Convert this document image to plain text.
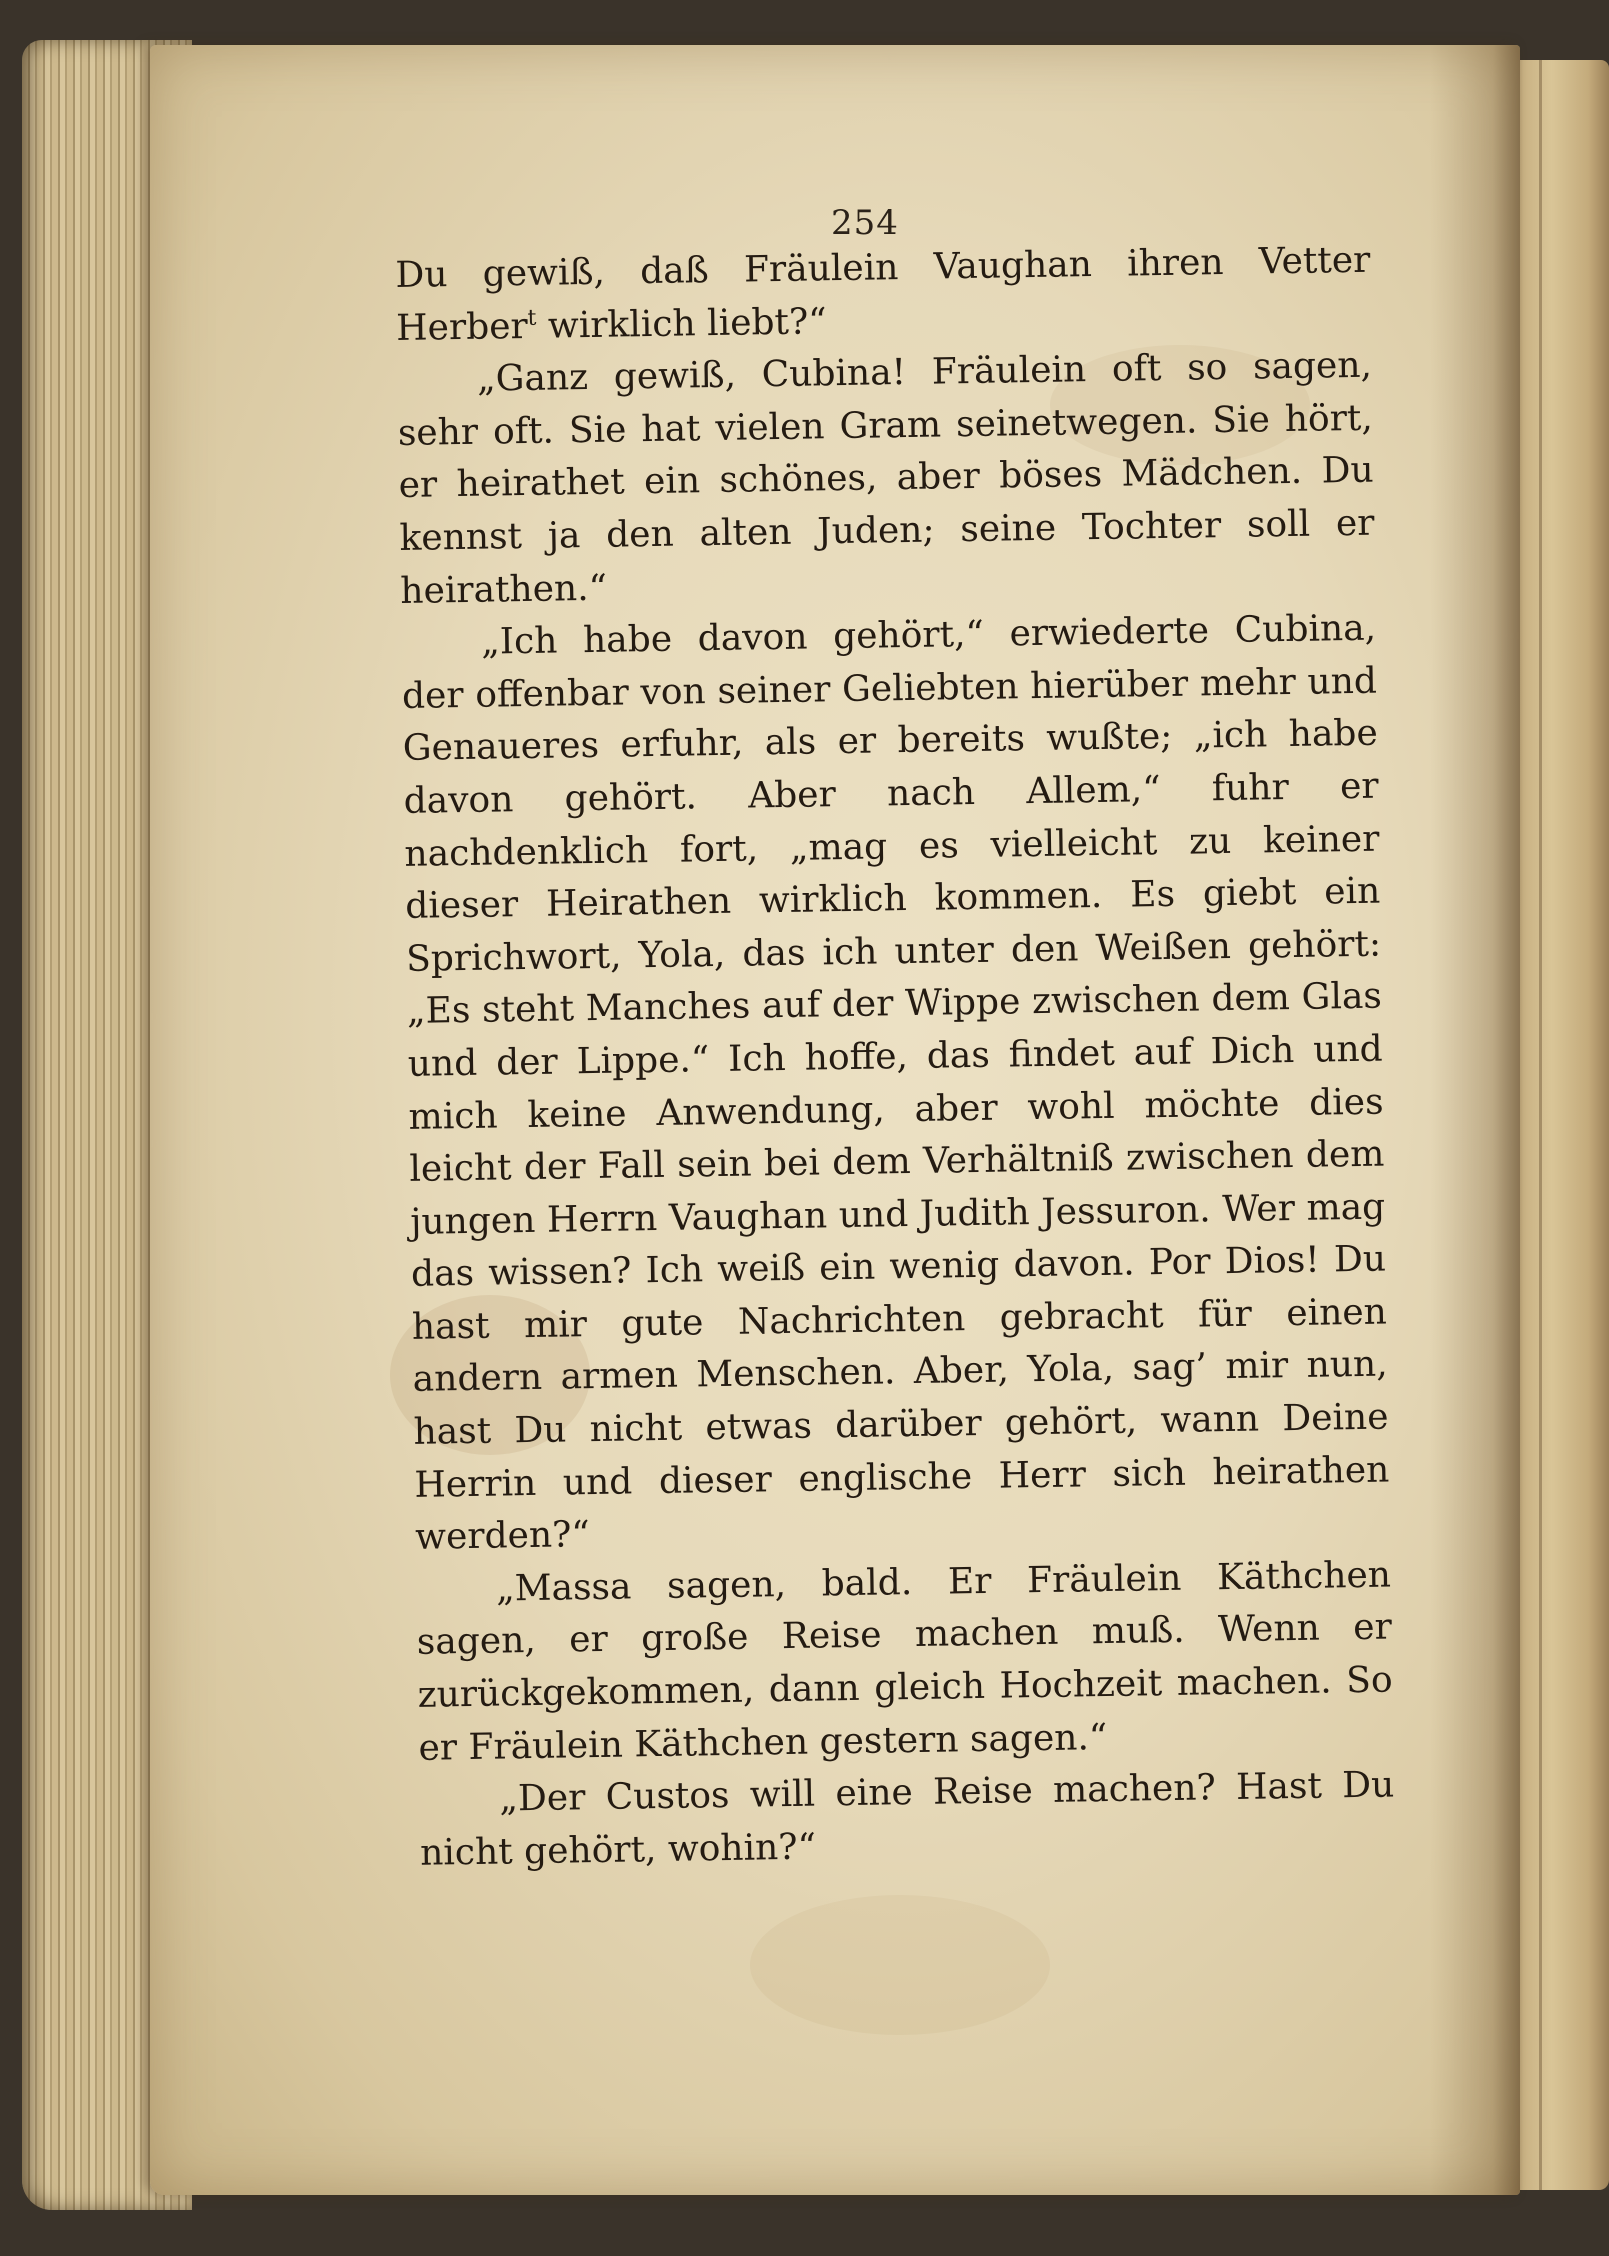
254

Du gewiß, daß Fräulein Vaughan ihren Vetter Herber$^t$ wirklich liebt?“

„Ganz gewiß, Cubina! Fräulein oft so sagen, sehr oft. Sie hat vielen Gram seinetwegen. Sie hört, er heirathet ein schönes, aber böses Mädchen. Du kennst ja den alten Juden; seine Tochter soll er heirathen.“

„Ich habe davon gehört,“ erwiederte Cubina, der offenbar von seiner Geliebten hierüber mehr und Genaueres erfuhr, als er bereits wußte; „ich habe davon gehört. Aber nach Allem,“ fuhr er nachdenklich fort, „mag es vielleicht zu keiner dieser Heirathen wirklich kommen. Es giebt ein Sprichwort, Yola, das ich unter den Weißen gehört: „Es steht Manches auf der Wippe zwischen dem Glas und der Lippe.“ Ich hoffe, das findet auf Dich und mich keine Anwendung, aber wohl möchte dies leicht der Fall sein bei dem Verhältniß zwischen dem jungen Herrn Vaughan und Judith Jessuron. Wer mag das wissen? Ich weiß ein wenig davon. Por Dios! Du hast mir gute Nachrichten gebracht für einen andern armen Menschen. Aber, Yola, sag’ mir nun, hast Du nicht etwas darüber gehört, wann Deine Herrin und dieser englische Herr sich heirathen werden?“

„Massa sagen, bald. Er Fräulein Käthchen sagen, er große Reise machen muß. Wenn er zurückgekommen, dann gleich Hochzeit machen. So er Fräulein Käthchen gestern sagen.“

„Der Custos will eine Reise machen? Hast Du nicht gehört, wohin?“
